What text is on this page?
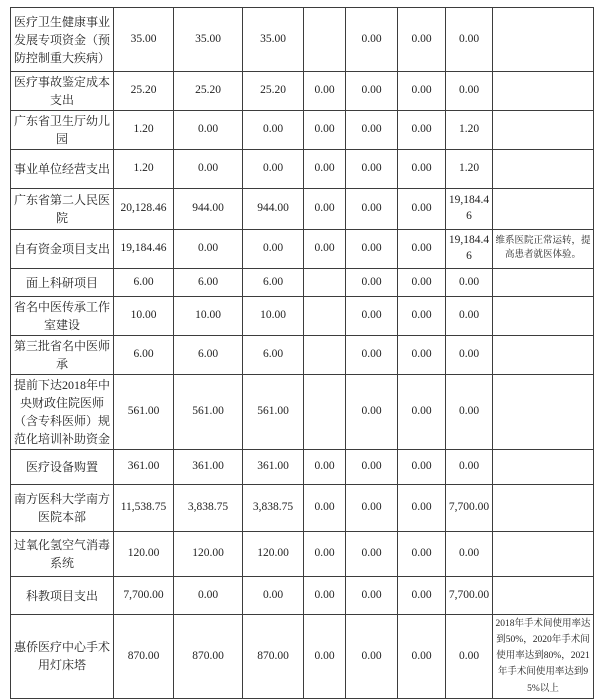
医疗卫生健康事业发展专项资金（预防控制重大疾病）	35.00	35.00	35.00		0.00	0.00	0.00	
医疗事故鉴定成本支出	25.20	25.20	25.20	0.00	0.00	0.00	0.00	
广东省卫生厅幼儿园	1.20	0.00	0.00	0.00	0.00	0.00	1.20	
事业单位经营支出	1.20	0.00	0.00	0.00	0.00	0.00	1.20	
广东省第二人民医院	20,128.46	944.00	944.00	0.00	0.00	0.00	19,184.46	
自有资金项目支出	19,184.46	0.00	0.00	0.00	0.00	0.00	19,184.46	维系医院正常运转，提高患者就医体验。
面上科研项目	6.00	6.00	6.00		0.00	0.00	0.00	
省名中医传承工作室建设	10.00	10.00	10.00		0.00	0.00	0.00	
第三批省名中医师承	6.00	6.00	6.00		0.00	0.00	0.00	
提前下达2018年中央财政住院医师（含专科医师）规范化培训补助资金	561.00	561.00	561.00		0.00	0.00	0.00	
医疗设备购置	361.00	361.00	361.00	0.00	0.00	0.00	0.00	
南方医科大学南方医院本部	11,538.75	3,838.75	3,838.75	0.00	0.00	0.00	7,700.00	
过氧化氢空气消毒系统	120.00	120.00	120.00	0.00	0.00	0.00	0.00	
科教项目支出	7,700.00	0.00	0.00	0.00	0.00	0.00	7,700.00	
惠侨医疗中心手术用灯床塔	870.00	870.00	870.00	0.00	0.00	0.00	0.00	2018年手术间使用率达到50%，2020年手术间使用率达到80%，2021年手术间使用率达到95%以上
